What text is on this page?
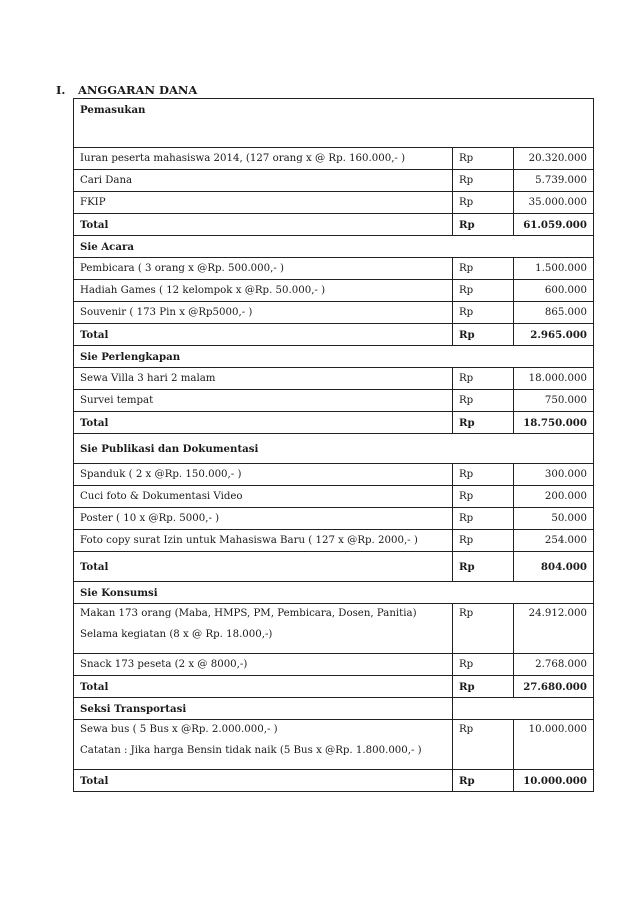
I. ANGGARAN DANA
Pemasukan		
Iuran peserta mahasiswa 2014, (127 orang x @ Rp. 160.000,- )	Rp	20.320.000
Cari Dana	Rp	5.739.000
FKIP	Rp	35.000.000
Total	Rp	61.059.000
Sie Acara		
Pembicara ( 3 orang x @Rp. 500.000,- )	Rp	1.500.000
Hadiah Games ( 12 kelompok x @Rp. 50.000,- )	Rp	600.000
Souvenir ( 173 Pin x @Rp5000,- )	Rp	865.000
Total	Rp	2.965.000
Sie Perlengkapan		
Sewa Villa 3 hari 2 malam	Rp	18.000.000
Survei tempat	Rp	750.000
Total	Rp	18.750.000
Sie Publikasi dan Dokumentasi		
Spanduk ( 2 x @Rp. 150.000,- )	Rp	300.000
Cuci foto & Dokumentasi Video	Rp	200.000
Poster ( 10 x @Rp. 5000,- )	Rp	50.000
Foto copy surat Izin untuk Mahasiswa Baru ( 127 x @Rp. 2000,- )	Rp	254.000
Total	Rp	804.000
Sie Konsumsi		
Makan 173 orang (Maba, HMPS, PM, Pembicara, Dosen, Panitia)
Selama kegiatan (8 x @ Rp. 18.000,-)	Rp	24.912.000
Snack 173 peseta (2 x @ 8000,-)	Rp	2.768.000
Total	Rp	27.680.000
Seksi Transportasi		
Sewa bus ( 5 Bus x @Rp. 2.000.000,- )
Catatan : Jika harga Bensin tidak naik (5 Bus x @Rp. 1.800.000,- )	Rp	10.000.000
Total	Rp	10.000.000
